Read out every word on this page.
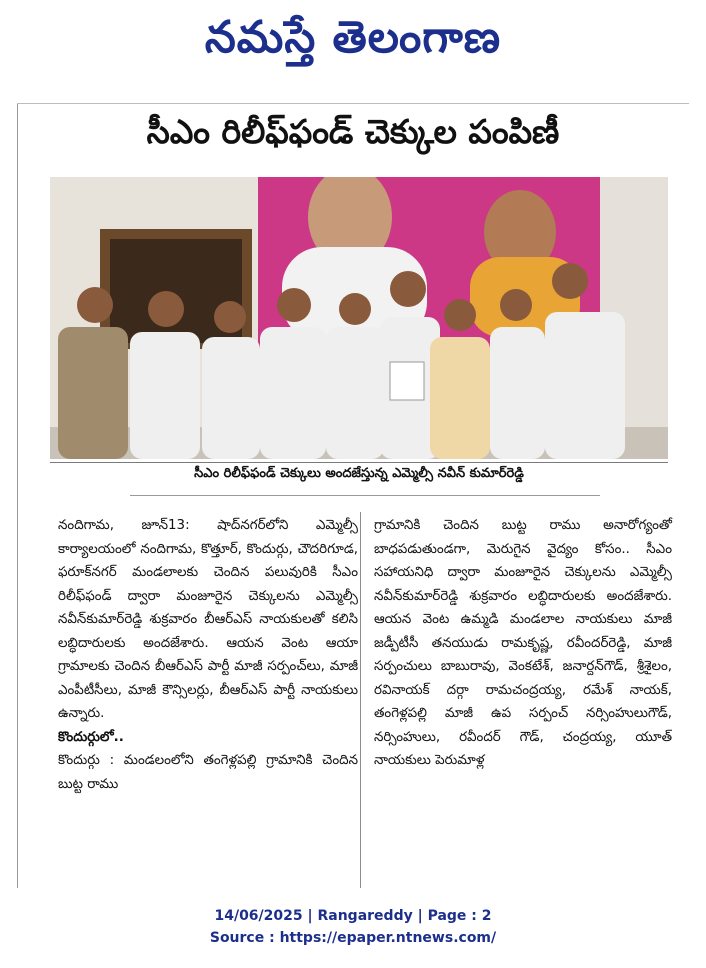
నమస్తే తెలంగాణ
సీఎం రిలీఫ్‌ఫండ్‌ చెక్కుల పంపిణీ
సీఎం రిలీఫ్‌ఫండ్‌ చెక్కులు అందజేస్తున్న ఎమ్మెల్సీ నవీన్‌ కుమార్‌రెడ్డి

నందిగామ, జూన్‌13: షాద్‌నగర్‌లోని ఎమ్మెల్సీ కార్యాలయంలో నందిగామ, కొత్తూర్‌, కొందుర్గు, చౌదరిగూడ, ఫరూక్‌నగర్‌ మండలాలకు చెందిన పలువురికి సీఎం రిలీఫ్‌ఫండ్‌ ద్వారా మంజూరైన చెక్కులను ఎమ్మెల్సీ నవీన్‌కుమార్‌రెడ్డి శుక్రవారం బీఆర్‌ఎస్‌ నాయకులతో కలిసి లబ్ధిదారులకు అందజేశారు. ఆయన వెంట ఆయా గ్రామాలకు చెందిన బీఆర్‌ఎస్‌ పార్టీ మాజీ సర్పంచ్‌లు, మాజీ ఎంపీటీసీలు, మాజీ కౌన్సిలర్లు, బీఆర్‌ఎస్‌ పార్టీ నాయకులు ఉన్నారు.

కొందుర్గులో..

కొందుర్గు : మండలంలోని తంగెళ్లపల్లి గ్రామానికి చెందిన బుట్ట రాము

గ్రామానికి చెందిన బుట్ట రాము అనారోగ్యంతో బాధపడుతుండగా, మెరుగైన వైద్యం కోసం.. సీఎం సహాయనిధి ద్వారా మంజూరైన చెక్కులను ఎమ్మెల్సీ నవీన్‌కుమార్‌రెడ్డి శుక్రవారం లబ్ధిదారులకు అందజేశారు. ఆయన వెంట ఉమ్మడి మండలాల నాయకులు మాజీ జడ్పీటీసీ తనయుడు రామకృష్ణ, రవీందర్‌రెడ్డి, మాజీ సర్పంచులు బాబురావు, వెంకటేశ్‌, జనార్దన్‌గౌడ్‌, శ్రీశైలం, రవినాయక్‌ దర్గా రామచంద్రయ్య, రమేశ్‌ నాయక్‌, తంగెళ్లపల్లి మాజీ ఉప సర్పంచ్‌ నర్సింహులుగౌడ్‌, నర్సింహులు, రవీందర్‌ గౌడ్‌, చంద్రయ్య, యూత్‌ నాయకులు పెరుమాళ్ల

14/06/2025 | Rangareddy | Page : 2
Source : https://epaper.ntnews.com/
